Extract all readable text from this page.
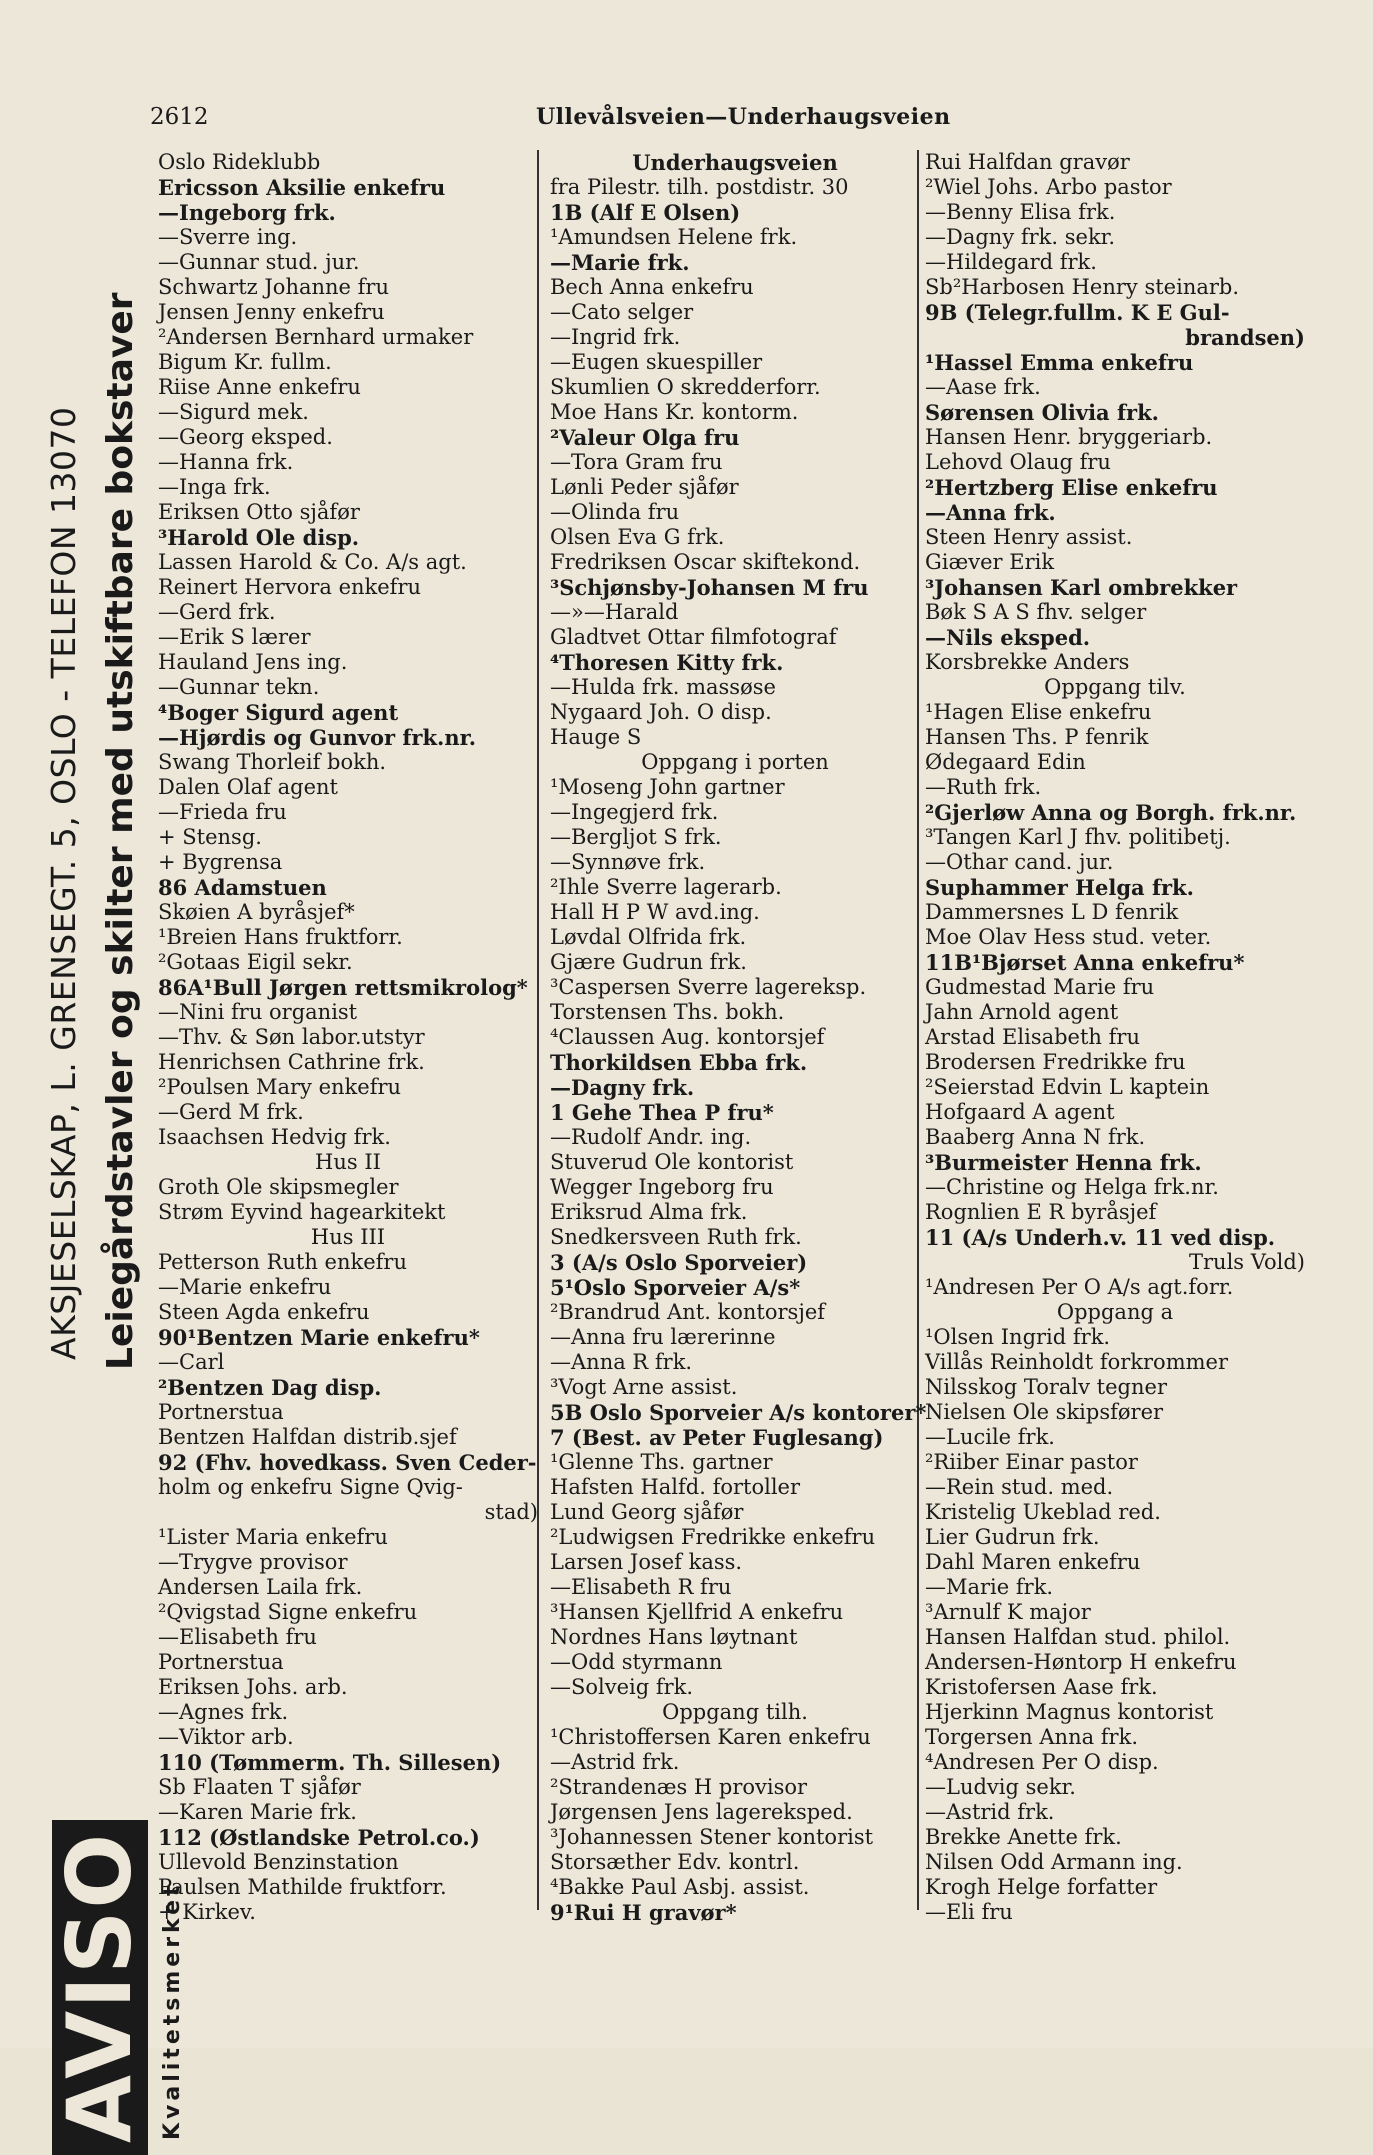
2612	Ullevålsveien—Underhaugsveien
AKSJESELSKAP, L. GRENSEGT. 5, OSLO - TELEFON 13070 Leiegårdstavler og skilter med utskiftbare bokstaver
AVISO Kvalitetsmerket
Oslo Rideklubb
Ericsson Aksilie enkefru
—Ingeborg frk.
—Sverre ing.
—Gunnar stud. jur.
Schwartz Johanne fru
Jensen Jenny enkefru
²Andersen Bernhard urmaker
Bigum Kr. fullm.
Riise Anne enkefru
—Sigurd mek.
—Georg eksped.
—Hanna frk.
—Inga frk.
Eriksen Otto sjåfør
³Harold Ole disp.
Lassen Harold & Co. A/s agt.
Reinert Hervora enkefru
—Gerd frk.
—Erik S lærer
Hauland Jens ing.
—Gunnar tekn.
⁴Boger Sigurd agent
—Hjørdis og Gunvor frk.nr.
Swang Thorleif bokh.
Dalen Olaf agent
—Frieda fru
+ Stensg.
+ Bygrensa
86 Adamstuen
Skøien A byråsjef*
¹Breien Hans fruktforr.
²Gotaas Eigil sekr.
86A¹Bull Jørgen rettsmikrolog*
—Nini fru organist
—Thv. & Søn labor.utstyr
Henrichsen Cathrine frk.
²Poulsen Mary enkefru
—Gerd M frk.
Isaachsen Hedvig frk.
Hus II
Groth Ole skipsmegler
Strøm Eyvind hagearkitekt
Hus III
Petterson Ruth enkefru
—Marie enkefru
Steen Agda enkefru
90¹Bentzen Marie enkefru*
—Carl
²Bentzen Dag disp.
Portnerstua
Bentzen Halfdan distrib.sjef
92 (Fhv. hovedkass. Sven Ceder-
holm og enkefru Signe Qvig-
stad)
¹Lister Maria enkefru
—Trygve provisor
Andersen Laila frk.
²Qvigstad Signe enkefru
—Elisabeth fru
Portnerstua
Eriksen Johs. arb.
—Agnes frk.
—Viktor arb.
110 (Tømmerm. Th. Sillesen)
Sb Flaaten T sjåfør
—Karen Marie frk.
112 (Østlandske Petrol.co.)
Ullevold Benzinstation
Paulsen Mathilde fruktforr.
+ Kirkev.
Underhaugsveien
fra Pilestr. tilh. postdistr. 30
1B (Alf E Olsen)
¹Amundsen Helene frk.
—Marie frk.
Bech Anna enkefru
—Cato selger
—Ingrid frk.
—Eugen skuespiller
Skumlien O skredderforr.
Moe Hans Kr. kontorm.
²Valeur Olga fru
—Tora Gram fru
Lønli Peder sjåfør
—Olinda fru
Olsen Eva G frk.
Fredriksen Oscar skiftekond.
³Schjønsby-Johansen M fru
—»—Harald
Gladtvet Ottar filmfotograf
⁴Thoresen Kitty frk.
—Hulda frk. massøse
Nygaard Joh. O disp.
Hauge S
Oppgang i porten
¹Moseng John gartner
—Ingegjerd frk.
—Bergljot S frk.
—Synnøve frk.
²Ihle Sverre lagerarb.
Hall H P W avd.ing.
Løvdal Olfrida frk.
Gjære Gudrun frk.
³Caspersen Sverre lagereksp.
Torstensen Ths. bokh.
⁴Claussen Aug. kontorsjef
Thorkildsen Ebba frk.
—Dagny frk.
1 Gehe Thea P fru*
—Rudolf Andr. ing.
Stuverud Ole kontorist
Wegger Ingeborg fru
Eriksrud Alma frk.
Snedkersveen Ruth frk.
3 (A/s Oslo Sporveier)
5¹Oslo Sporveier A/s*
²Brandrud Ant. kontorsjef
—Anna fru lærerinne
—Anna R frk.
³Vogt Arne assist.
5B Oslo Sporveier A/s kontorer*
7 (Best. av Peter Fuglesang)
¹Glenne Ths. gartner
Hafsten Halfd. fortoller
Lund Georg sjåfør
²Ludwigsen Fredrikke enkefru
Larsen Josef kass.
—Elisabeth R fru
³Hansen Kjellfrid A enkefru
Nordnes Hans løytnant
—Odd styrmann
—Solveig frk.
Oppgang tilh.
¹Christoffersen Karen enkefru
—Astrid frk.
²Strandenæs H provisor
Jørgensen Jens lagereksped.
³Johannessen Stener kontorist
Storsæther Edv. kontrl.
⁴Bakke Paul Asbj. assist.
9¹Rui H gravør*
Rui Halfdan gravør
²Wiel Johs. Arbo pastor
—Benny Elisa frk.
—Dagny frk. sekr.
—Hildegard frk.
Sb²Harbosen Henry steinarb.
9B (Telegr.fullm. K E Gul-
brandsen)
¹Hassel Emma enkefru
—Aase frk.
Sørensen Olivia frk.
Hansen Henr. bryggeriarb.
Lehovd Olaug fru
²Hertzberg Elise enkefru
—Anna frk.
Steen Henry assist.
Giæver Erik
³Johansen Karl ombrekker
Bøk S A S fhv. selger
—Nils eksped.
Korsbrekke Anders
Oppgang tilv.
¹Hagen Elise enkefru
Hansen Ths. P fenrik
Ødegaard Edin
—Ruth frk.
²Gjerløw Anna og Borgh. frk.nr.
³Tangen Karl J fhv. politibetj.
—Othar cand. jur.
Suphammer Helga frk.
Dammersnes L D fenrik
Moe Olav Hess stud. veter.
11B¹Bjørset Anna enkefru*
Gudmestad Marie fru
Jahn Arnold agent
Arstad Elisabeth fru
Brodersen Fredrikke fru
²Seierstad Edvin L kaptein
Hofgaard A agent
Baaberg Anna N frk.
³Burmeister Henna frk.
—Christine og Helga frk.nr.
Rognlien E R byråsjef
11 (A/s Underh.v. 11 ved disp.
Truls Vold)
¹Andresen Per O A/s agt.forr.
Oppgang a
¹Olsen Ingrid frk.
Villås Reinholdt forkrommer
Nilsskog Toralv tegner
Nielsen Ole skipsfører
—Lucile frk.
²Riiber Einar pastor
—Rein stud. med.
Kristelig Ukeblad red.
Lier Gudrun frk.
Dahl Maren enkefru
—Marie frk.
³Arnulf K major
Hansen Halfdan stud. philol.
Andersen-Høntorp H enkefru
Kristofersen Aase frk.
Hjerkinn Magnus kontorist
Torgersen Anna frk.
⁴Andresen Per O disp.
—Ludvig sekr.
—Astrid frk.
Brekke Anette frk.
Nilsen Odd Armann ing.
Krogh Helge forfatter
—Eli fru
